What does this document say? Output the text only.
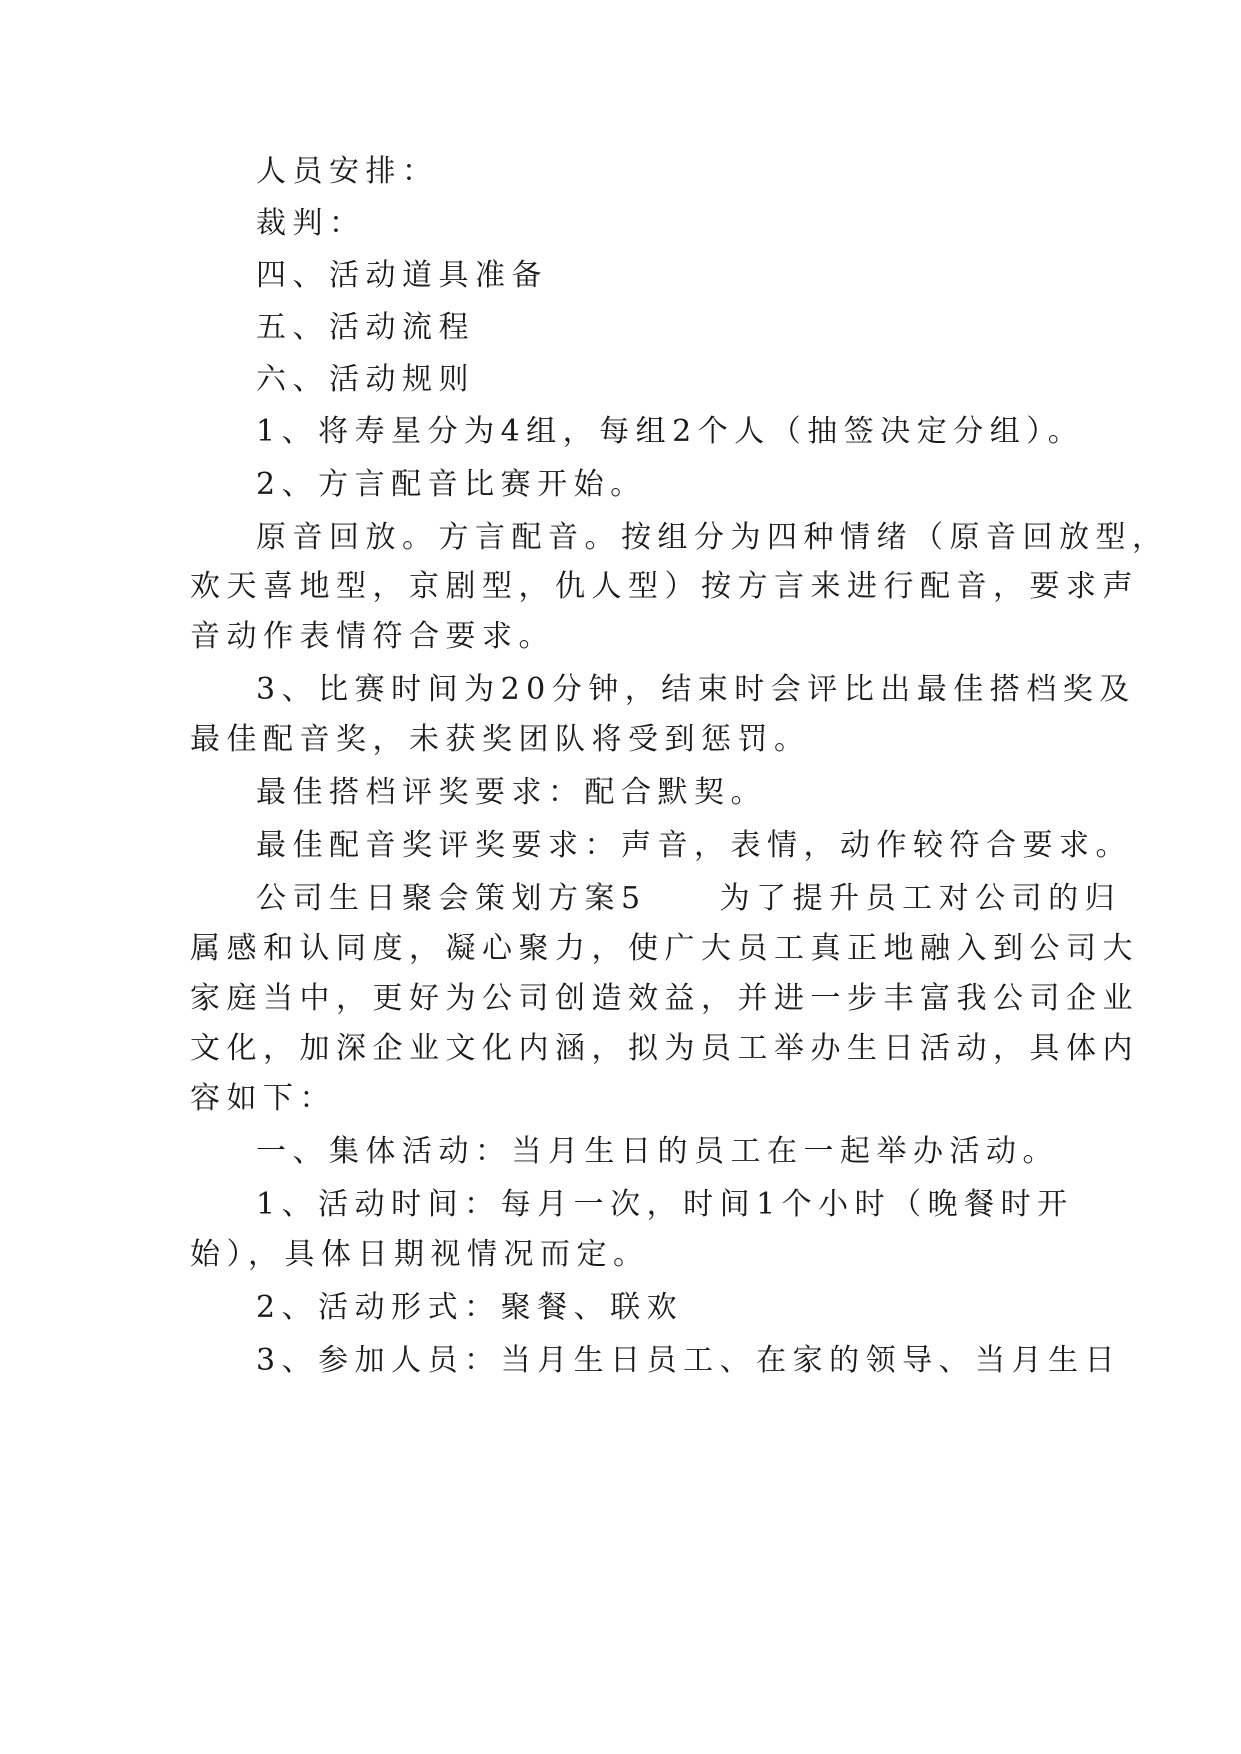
人员安排：
裁判：
四、活动道具准备
五、活动流程
六、活动规则
1、将寿星分为4组，每组2个人（抽签决定分组）。
2、方言配音比赛开始。
原音回放。方言配音。按组分为四种情绪（原音回放型，
欢天喜地型，京剧型，仇人型）按方言来进行配音，要求声
音动作表情符合要求。
3、比赛时间为20分钟，结束时会评比出最佳搭档奖及
最佳配音奖，未获奖团队将受到惩罚。
最佳搭档评奖要求：配合默契。
最佳配音奖评奖要求：声音，表情，动作较符合要求。
公司生日聚会策划方案5　　为了提升员工对公司的归
属感和认同度，凝心聚力，使广大员工真正地融入到公司大
家庭当中，更好为公司创造效益，并进一步丰富我公司企业
文化，加深企业文化内涵，拟为员工举办生日活动，具体内
容如下：
一、集体活动：当月生日的员工在一起举办活动。
1、活动时间：每月一次，时间1个小时（晚餐时开
始），具体日期视情况而定。
2、活动形式：聚餐、联欢
3、参加人员：当月生日员工、在家的领导、当月生日
